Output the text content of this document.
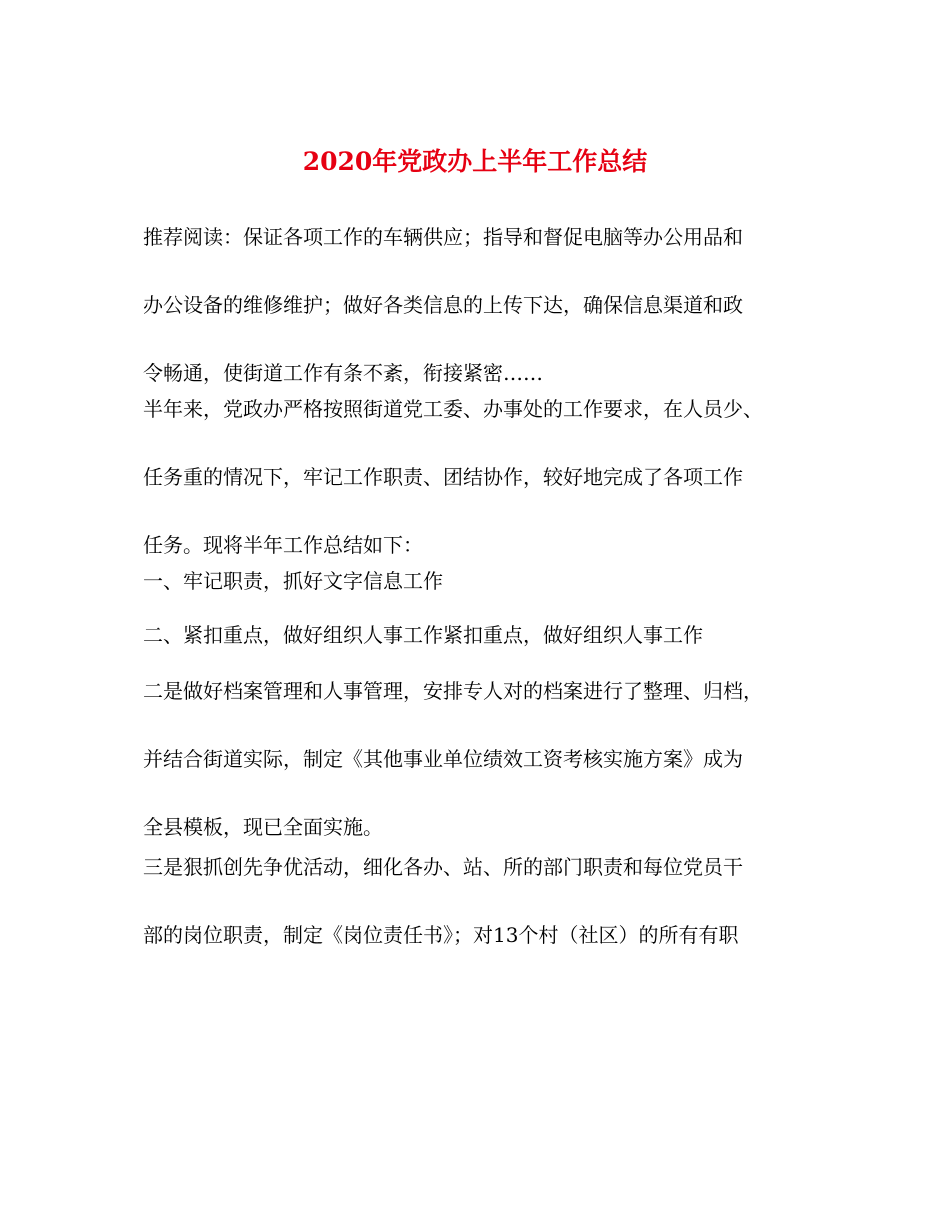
2020年党政办上半年工作总结

推荐阅读：保证各项工作的车辆供应；指导和督促电脑等办公用品和
办公设备的维修维护；做好各类信息的上传下达，确保信息渠道和政
令畅通，使街道工作有条不紊，衔接紧密……

半年来，党政办严格按照街道党工委、办事处的工作要求，在人员少、
任务重的情况下，牢记工作职责、团结协作，较好地完成了各项工作
任务。现将半年工作总结如下：

一、牢记职责，抓好文字信息工作

二、紧扣重点，做好组织人事工作紧扣重点，做好组织人事工作

二是做好档案管理和人事管理，安排专人对的档案进行了整理、归档，
并结合街道实际，制定《其他事业单位绩效工资考核实施方案》成为
全县模板，现已全面实施。

三是狠抓创先争优活动，细化各办、站、所的部门职责和每位党员干
部的岗位职责，制定《岗位责任书》；对13个村（社区）的所有有职
